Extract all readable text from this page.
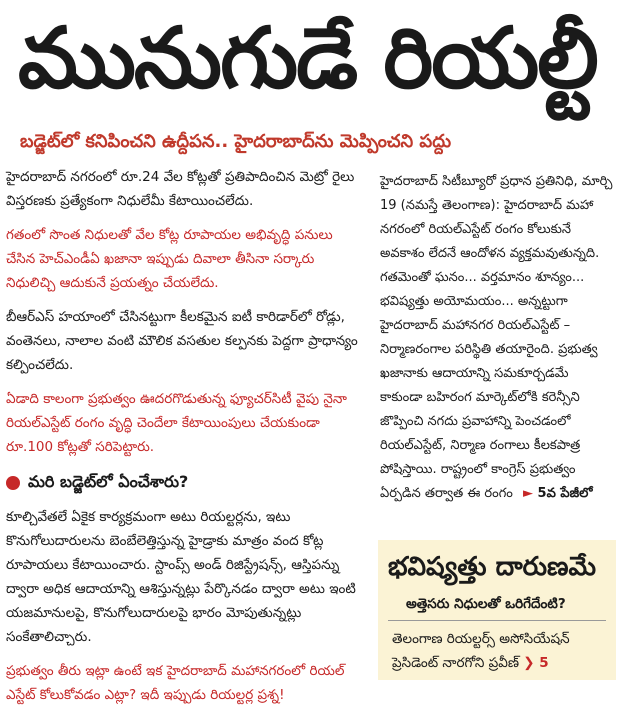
మునుగుడే రియల్టీ
బడ్జెట్‌లో కనిపించని ఉద్దీపన.. హైదరాబాద్‌ను మెప్పించని పద్దు

హైదరాబాద్ నగరంలో రూ.24 వేల కోట్లతో ప్రతిపాదించిన మెట్రో రైలు విస్తరణకు ప్రత్యేకంగా నిధులేమీ కేటాయించలేదు.

గతంలో సొంత నిధులతో వేల కోట్ల రూపాయల అభివృద్ధి పనులు చేసిన హెచ్‌ఎండీఏ ఖజానా ఇప్పుడు దివాలా తీసినా సర్కారు నిధులిచ్చి ఆదుకునే ప్రయత్నం చేయలేదు.

బీఆర్‌ఎస్ హయాంలో చేసినట్టుగా కీలకమైన ఐటీ కారిడార్‌లో రోడ్లు, వంతెనలు, నాలాల వంటి మౌలిక వసతుల కల్పనకు పెద్దగా ప్రాధాన్యం కల్పించలేదు.

ఏడాది కాలంగా ప్రభుత్వం ఊదరగొడుతున్న ఫ్యూచర్‌సిటీ వైపు నైనా రియల్‌ఎస్టేట్ రంగం వృద్ధి చెందేలా కేటాయింపులు చేయకుండా రూ.100 కోట్లతో సరిపెట్టారు.

మరి బడ్జెట్‌లో ఏంచేశారు?

కూల్చివేతలే ఏకైక కార్యక్రమంగా అటు రియల్టర్లను, ఇటు కొనుగోలుదారులను బెంబేలెత్తిస్తున్న హైడ్రాకు మాత్రం వంద కోట్ల రూపాయలు కేటాయించారు. స్టాంప్స్ అండ్ రిజిస్ట్రేషన్స్, ఆస్తిపన్ను ద్వారా అధిక ఆదాయాన్ని ఆశిస్తున్నట్లు పేర్కొనడం ద్వారా అటు ఇంటి యజమానులపై, కొనుగోలుదారులపై భారం మోపుతున్నట్లు సంకేతాలిచ్చారు.

ప్రభుత్వం తీరు ఇట్లా ఉంటే ఇక హైదరాబాద్ మహానగరంలో రియల్ ఎస్టేట్ కోలుకోవడం ఎట్లా? ఇదీ ఇప్పుడు రియల్టర్ల ప్రశ్న!

హైదరాబాద్ సిటీబ్యూరో ప్రధాన ప్రతినిధి, మార్చి 19 (నమస్తే తెలంగాణ): హైదరాబాద్ మహా నగరంలో రియల్‌ఎస్టేట్ రంగం కోలుకునే అవకాశం లేదనే ఆందోళన వ్యక్తమవుతున్నది. గతమెంతో ఘనం... వర్తమానం శూన్యం... భవిష్యత్తు అయోమయం... అన్నట్టుగా హైదరాబాద్ మహానగర రియల్‌ఎస్టేట్ – నిర్మాణరంగాల పరిస్థితి తయారైంది. ప్రభుత్వ ఖజానాకు ఆదాయాన్ని సమకూర్చడమే కాకుండా బహిరంగ మార్కెట్‌లోకి కరెన్సీని జొప్పించి నగదు ప్రవాహాన్ని పెంచడంలో రియల్‌ఎస్టేట్, నిర్మాణ రంగాలు కీలకపాత్ర పోషిస్తాయి. రాష్ట్రంలో కాంగ్రెస్ ప్రభుత్వం ఏర్పడిన తర్వాత ఈ రంగం ► 5వ పేజీలో
భవిష్యత్తు దారుణమే
అత్తెసరు నిధులతో ఒరిగేదేంటి?
తెలంగాణ రియల్టర్స్ అసోసియేషన్
ప్రెసిడెంట్ నారగోని ప్రవీణ్ ❯ 5
